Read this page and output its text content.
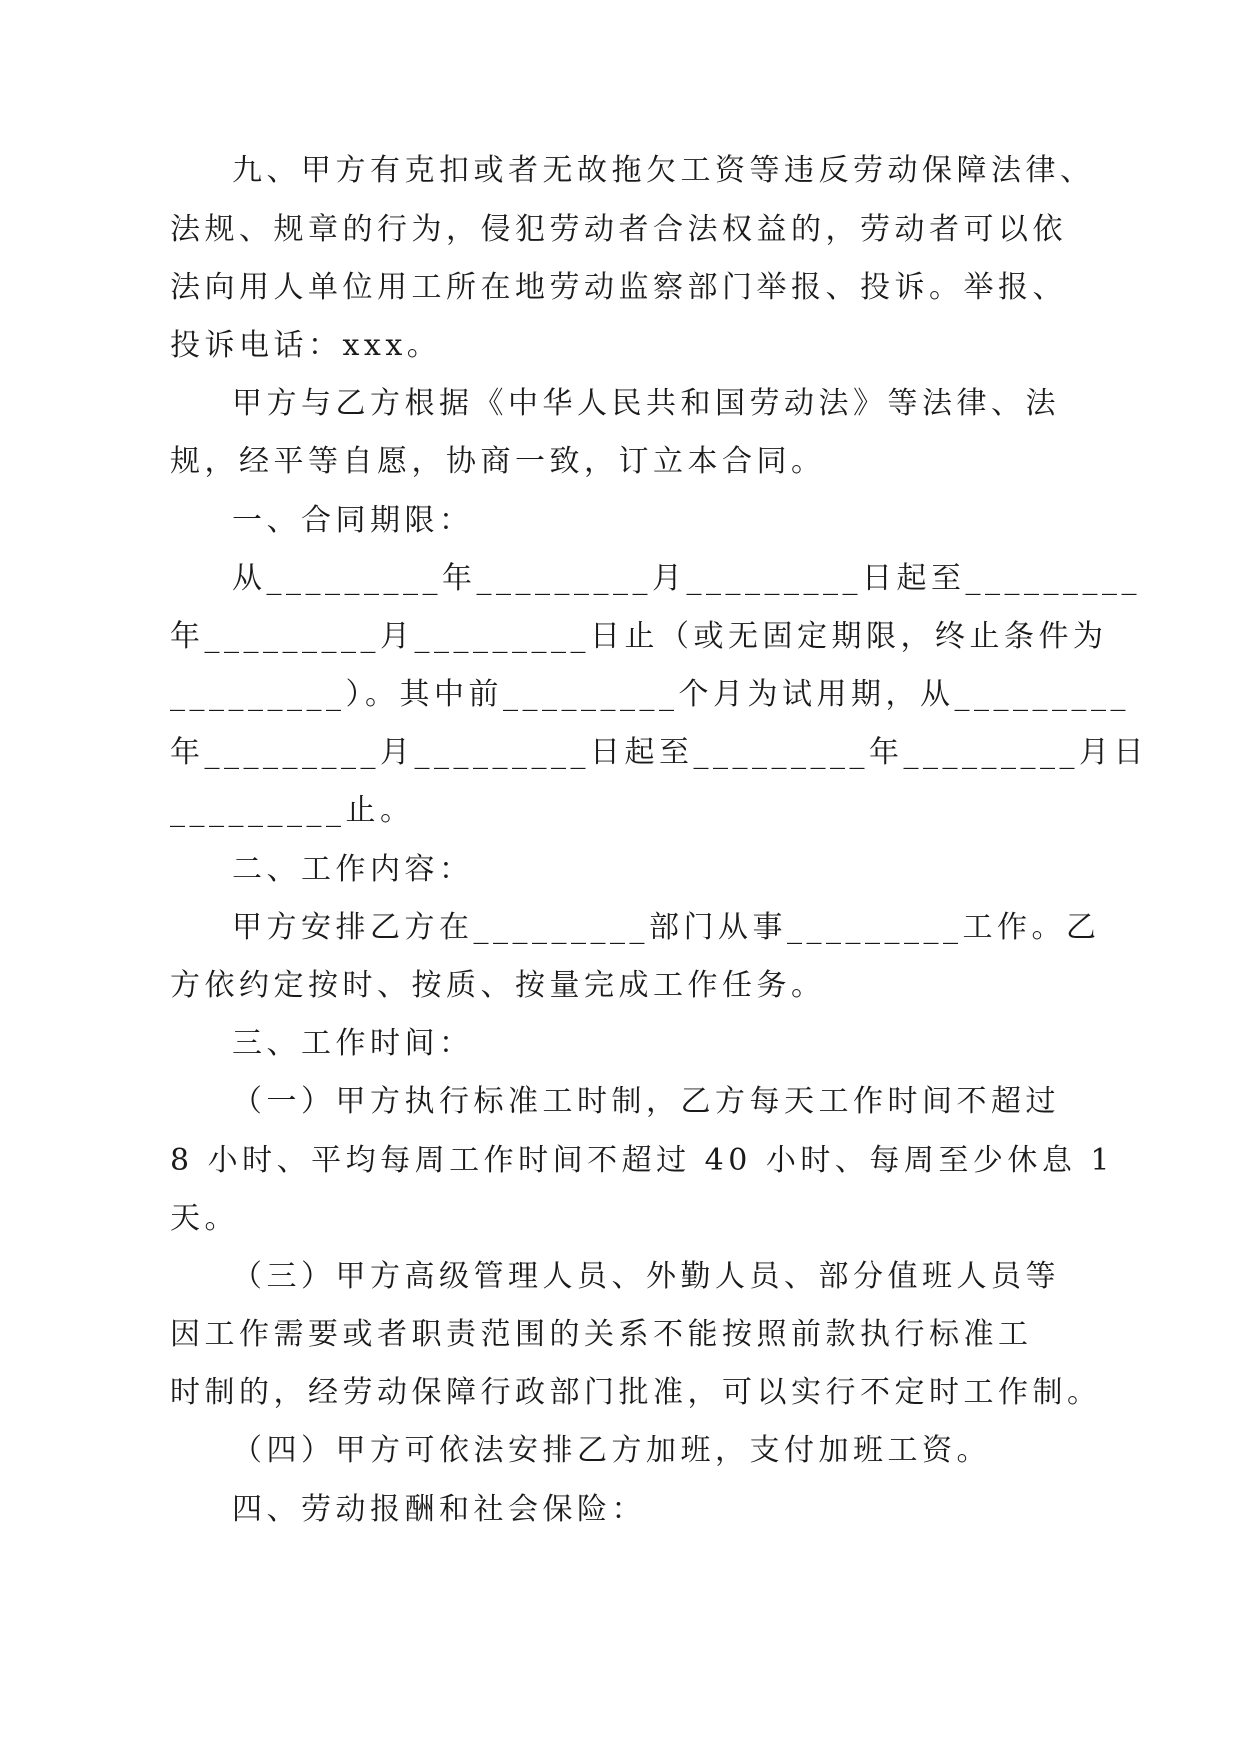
九、甲方有克扣或者无故拖欠工资等违反劳动保障法律、
法规、规章的行为，侵犯劳动者合法权益的，劳动者可以依
法向用人单位用工所在地劳动监察部门举报、投诉。举报、
投诉电话：xxx。
甲方与乙方根据《中华人民共和国劳动法》等法律、法
规，经平等自愿，协商一致，订立本合同。
一、合同期限：
从_________年_________月_________日起至_________
年_________月_________日止（或无固定期限，终止条件为
_________）。其中前_________个月为试用期，从_________
年_________月_________日起至_________年_________月日
_________止。
二、工作内容：
甲方安排乙方在_________部门从事_________工作。乙
方依约定按时、按质、按量完成工作任务。
三、工作时间：
（一）甲方执行标准工时制，乙方每天工作时间不超过
8 小时、平均每周工作时间不超过 40 小时、每周至少休息 1
天。
（三）甲方高级管理人员、外勤人员、部分值班人员等
因工作需要或者职责范围的关系不能按照前款执行标准工
时制的，经劳动保障行政部门批准，可以实行不定时工作制。
（四）甲方可依法安排乙方加班，支付加班工资。
四、劳动报酬和社会保险：
